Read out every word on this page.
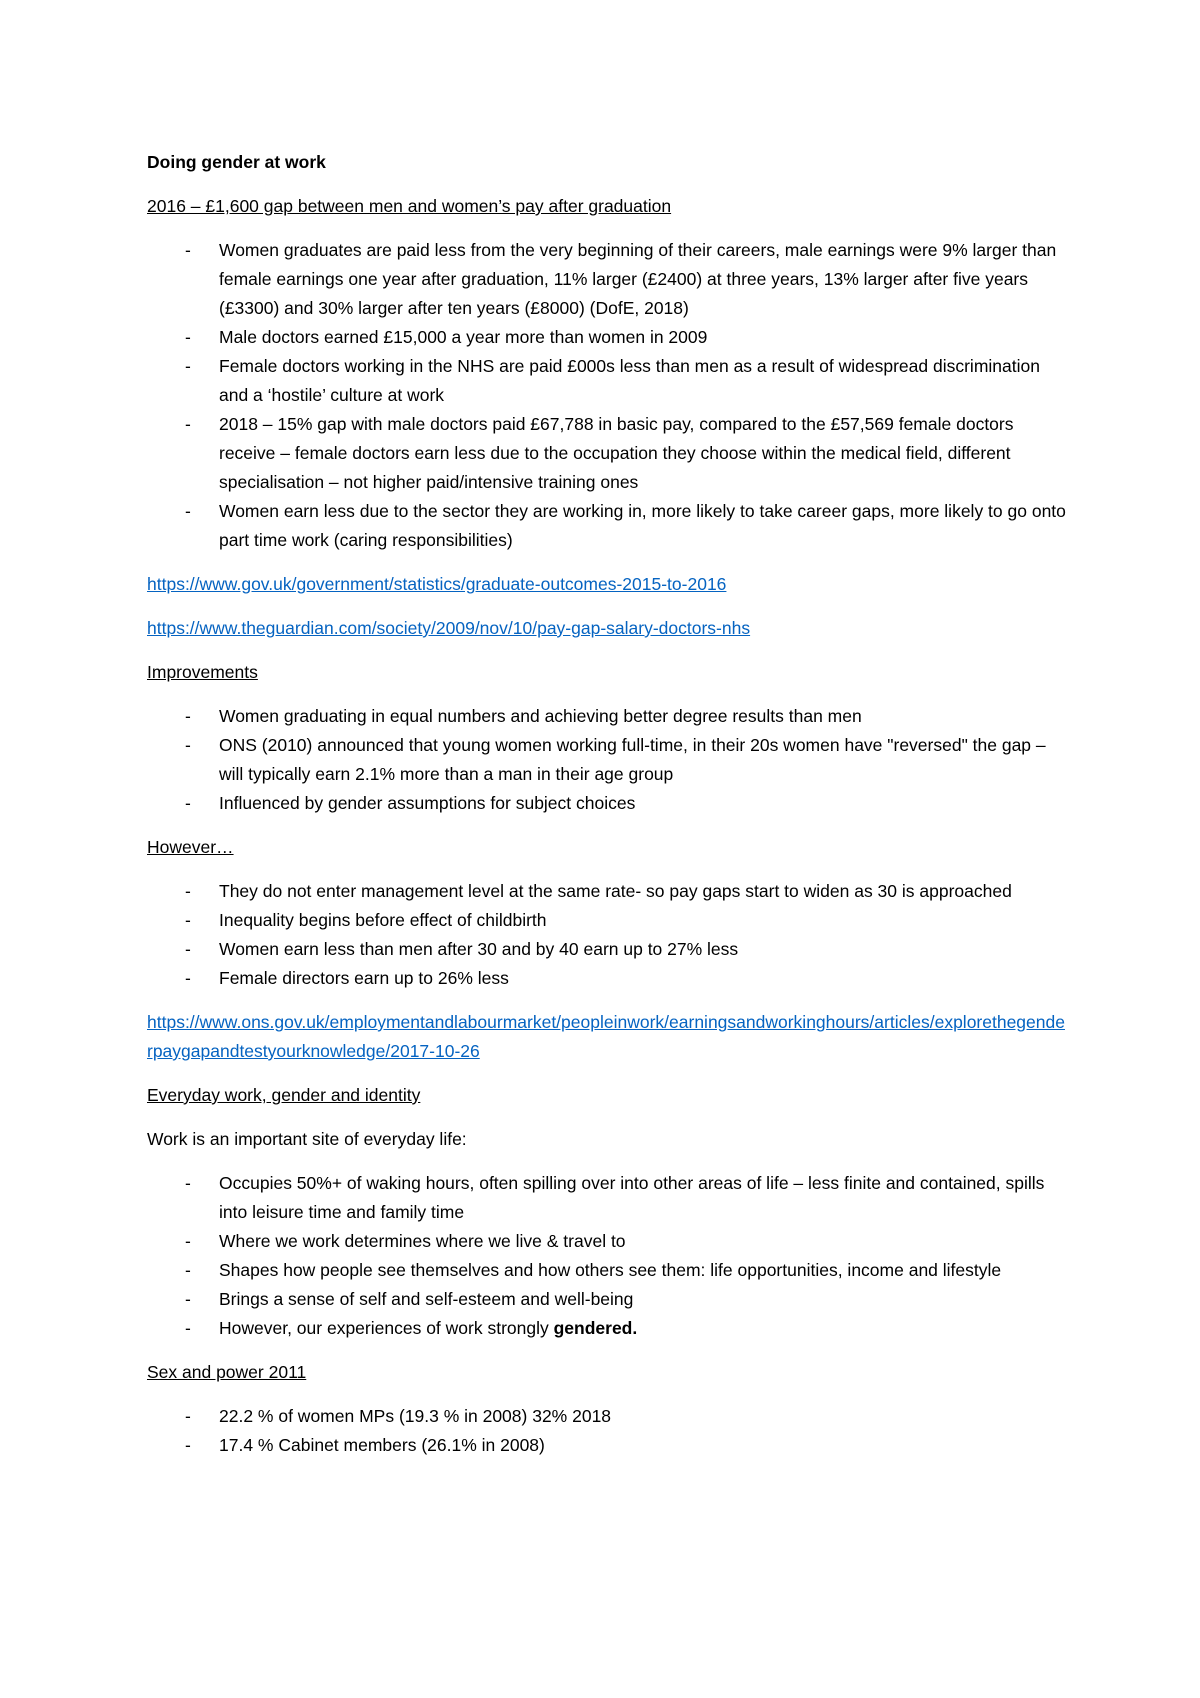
Doing gender at work

2016 – £1,600 gap between men and women’s pay after graduation

- Women graduates are paid less from the very beginning of their careers, male earnings were 9% larger than female earnings one year after graduation, 11% larger (£2400) at three years, 13% larger after five years (£3300) and 30% larger after ten years (£8000) (DofE, 2018)
- Male doctors earned £15,000 a year more than women in 2009
- Female doctors working in the NHS are paid £000s less than men as a result of widespread discrimination and a ‘hostile’ culture at work
- 2018 – 15% gap with male doctors paid £67,788 in basic pay, compared to the £57,569 female doctors receive – female doctors earn less due to the occupation they choose within the medical field, different specialisation – not higher paid/intensive training ones
- Women earn less due to the sector they are working in, more likely to take career gaps, more likely to go onto part time work (caring responsibilities)
https://www.gov.uk/government/statistics/graduate-outcomes-2015-to-2016
https://www.theguardian.com/society/2009/nov/10/pay-gap-salary-doctors-nhs

Improvements

- Women graduating in equal numbers and achieving better degree results than men
- ONS (2010) announced that young women working full-time, in their 20s women have "reversed" the gap – will typically earn 2.1% more than a man in their age group
- Influenced by gender assumptions for subject choices

However…

- They do not enter management level at the same rate- so pay gaps start to widen as 30 is approached
- Inequality begins before effect of childbirth
- Women earn less than men after 30 and by 40 earn up to 27% less
- Female directors earn up to 26% less
https://www.ons.gov.uk/employmentandlabourmarket/peopleinwork/earningsandworkinghours/articles/explorethegenderpaygapandtestyourknowledge/2017-10-26

Everyday work, gender and identity

Work is an important site of everyday life:

- Occupies 50%+ of waking hours, often spilling over into other areas of life – less finite and contained, spills into leisure time and family time
- Where we work determines where we live & travel to
- Shapes how people see themselves and how others see them: life opportunities, income and lifestyle
- Brings a sense of self and self-esteem and well-being
- However, our experiences of work strongly gendered.

Sex and power 2011

- 22.2 % of women MPs (19.3 % in 2008) 32% 2018
- 17.4 % Cabinet members (26.1% in 2008)
